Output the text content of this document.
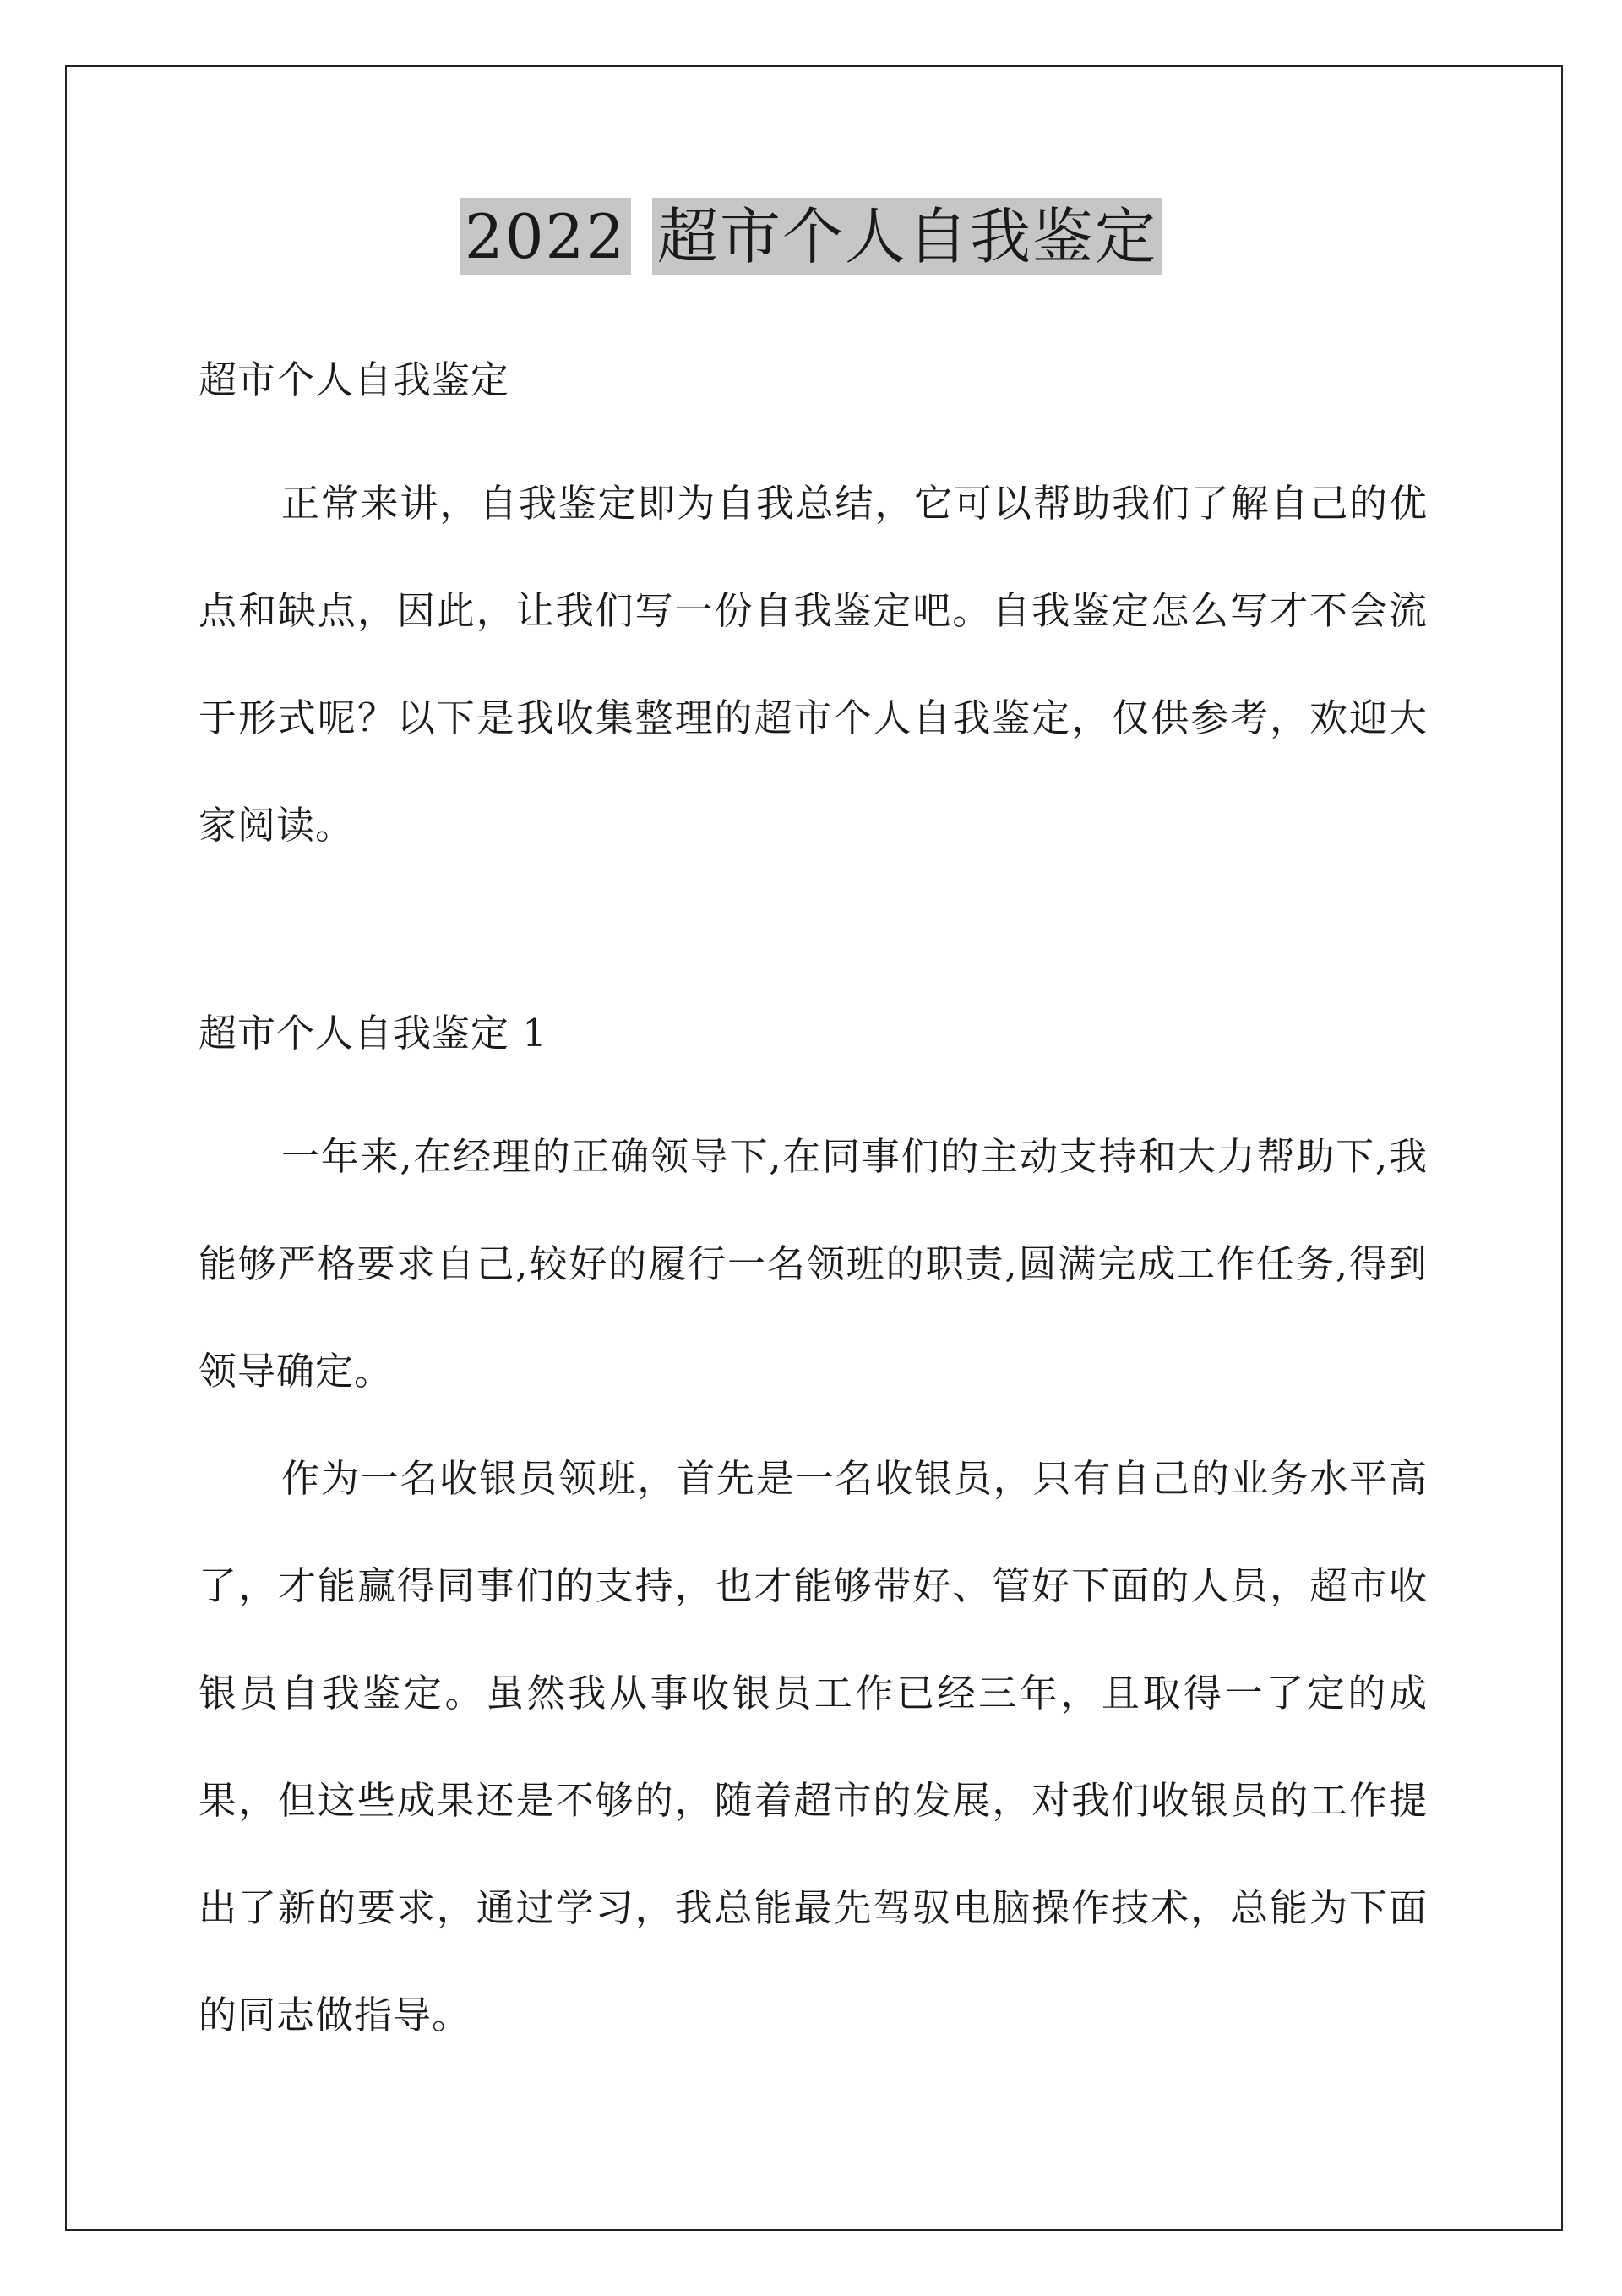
2022 超市个人自我鉴定

超市个人自我鉴定

正常来讲，自我鉴定即为自我总结，它可以帮助我们了解自己的优点和缺点，因此，让我们写一份自我鉴定吧。自我鉴定怎么写才不会流于形式呢？以下是我收集整理的超市个人自我鉴定，仅供参考，欢迎大家阅读。

超市个人自我鉴定 1

一年来,在经理的正确领导下,在同事们的主动支持和大力帮助下,我能够严格要求自己,较好的履行一名领班的职责,圆满完成工作任务,得到领导确定。

作为一名收银员领班，首先是一名收银员，只有自己的业务水平高了，才能赢得同事们的支持，也才能够带好、管好下面的人员，超市收银员自我鉴定。虽然我从事收银员工作已经三年，且取得一了定的成果，但这些成果还是不够的，随着超市的发展，对我们收银员的工作提出了新的要求，通过学习，我总能最先驾驭电脑操作技术，总能为下面的同志做指导。
